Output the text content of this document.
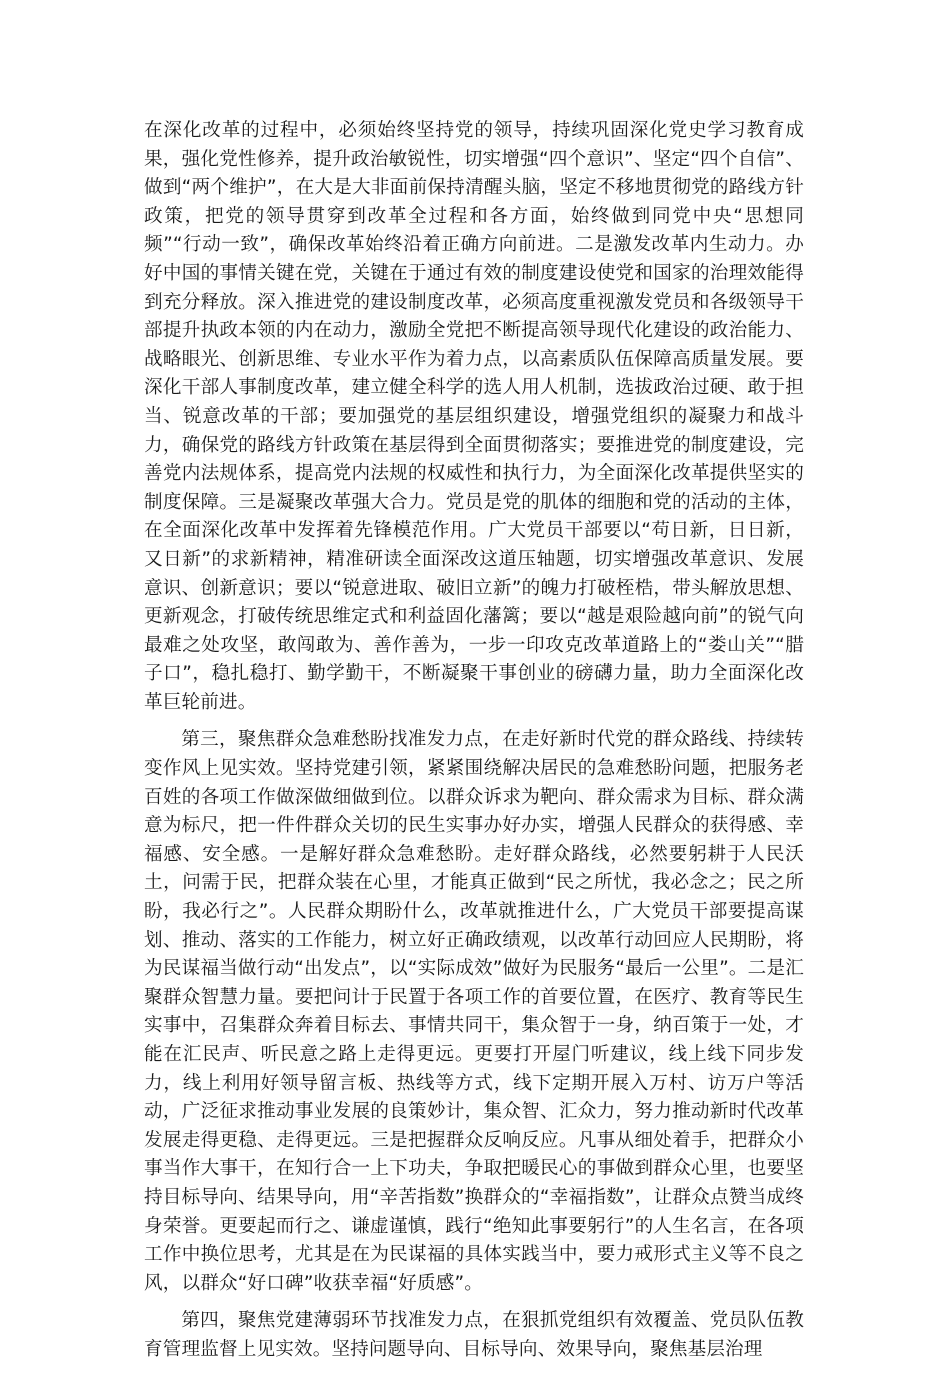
在深化改革的过程中，必须始终坚持党的领导，持续巩固深化党史学习教育成果，强化党性修养，提升政治敏锐性，切实增强“四个意识”、坚定“四个自信”、做到“两个维护”，在大是大非面前保持清醒头脑，坚定不移地贯彻党的路线方针政策，把党的领导贯穿到改革全过程和各方面，始终做到同党中央“思想同频”“行动一致”，确保改革始终沿着正确方向前进。二是激发改革内生动力。办好中国的事情关键在党，关键在于通过有效的制度建设使党和国家的治理效能得到充分释放。深入推进党的建设制度改革，必须高度重视激发党员和各级领导干部提升执政本领的内在动力，激励全党把不断提高领导现代化建设的政治能力、战略眼光、创新思维、专业水平作为着力点，以高素质队伍保障高质量发展。要深化干部人事制度改革，建立健全科学的选人用人机制，选拔政治过硬、敢于担当、锐意改革的干部；要加强党的基层组织建设，增强党组织的凝聚力和战斗力，确保党的路线方针政策在基层得到全面贯彻落实；要推进党的制度建设，完善党内法规体系，提高党内法规的权威性和执行力，为全面深化改革提供坚实的制度保障。三是凝聚改革强大合力。党员是党的肌体的细胞和党的活动的主体，在全面深化改革中发挥着先锋模范作用。广大党员干部要以“苟日新，日日新，又日新”的求新精神，精准研读全面深改这道压轴题，切实增强改革意识、发展意识、创新意识；要以“锐意进取、破旧立新”的魄力打破桎梏，带头解放思想、更新观念，打破传统思维定式和利益固化藩篱；要以“越是艰险越向前”的锐气向最难之处攻坚，敢闯敢为、善作善为，一步一印攻克改革道路上的“娄山关”“腊子口”，稳扎稳打、勤学勤干，不断凝聚干事创业的磅礴力量，助力全面深化改革巨轮前进。

第三，聚焦群众急难愁盼找准发力点，在走好新时代党的群众路线、持续转变作风上见实效。坚持党建引领，紧紧围绕解决居民的急难愁盼问题，把服务老百姓的各项工作做深做细做到位。以群众诉求为靶向、群众需求为目标、群众满意为标尺，把一件件群众关切的民生实事办好办实，增强人民群众的获得感、幸福感、安全感。一是解好群众急难愁盼。走好群众路线，必然要躬耕于人民沃土，问需于民，把群众装在心里，才能真正做到“民之所忧，我必念之；民之所盼，我必行之”。人民群众期盼什么，改革就推进什么，广大党员干部要提高谋划、推动、落实的工作能力，树立好正确政绩观，以改革行动回应人民期盼，将为民谋福当做行动“出发点”，以“实际成效”做好为民服务“最后一公里”。二是汇聚群众智慧力量。要把问计于民置于各项工作的首要位置，在医疗、教育等民生实事中，召集群众奔着目标去、事情共同干，集众智于一身，纳百策于一处，才能在汇民声、听民意之路上走得更远。更要打开屋门听建议，线上线下同步发力，线上利用好领导留言板、热线等方式，线下定期开展入万村、访万户等活动，广泛征求推动事业发展的良策妙计，集众智、汇众力，努力推动新时代改革发展走得更稳、走得更远。三是把握群众反响反应。凡事从细处着手，把群众小事当作大事干，在知行合一上下功夫，争取把暖民心的事做到群众心里，也要坚持目标导向、结果导向，用“辛苦指数”换群众的“幸福指数”，让群众点赞当成终身荣誉。更要起而行之、谦虚谨慎，践行“绝知此事要躬行”的人生名言，在各项工作中换位思考，尤其是在为民谋福的具体实践当中，要力戒形式主义等不良之风，以群众“好口碑”收获幸福“好质感”。

第四，聚焦党建薄弱环节找准发力点，在狠抓党组织有效覆盖、党员队伍教育管理监督上见实效。坚持问题导向、目标导向、效果导向，聚焦基层治理
